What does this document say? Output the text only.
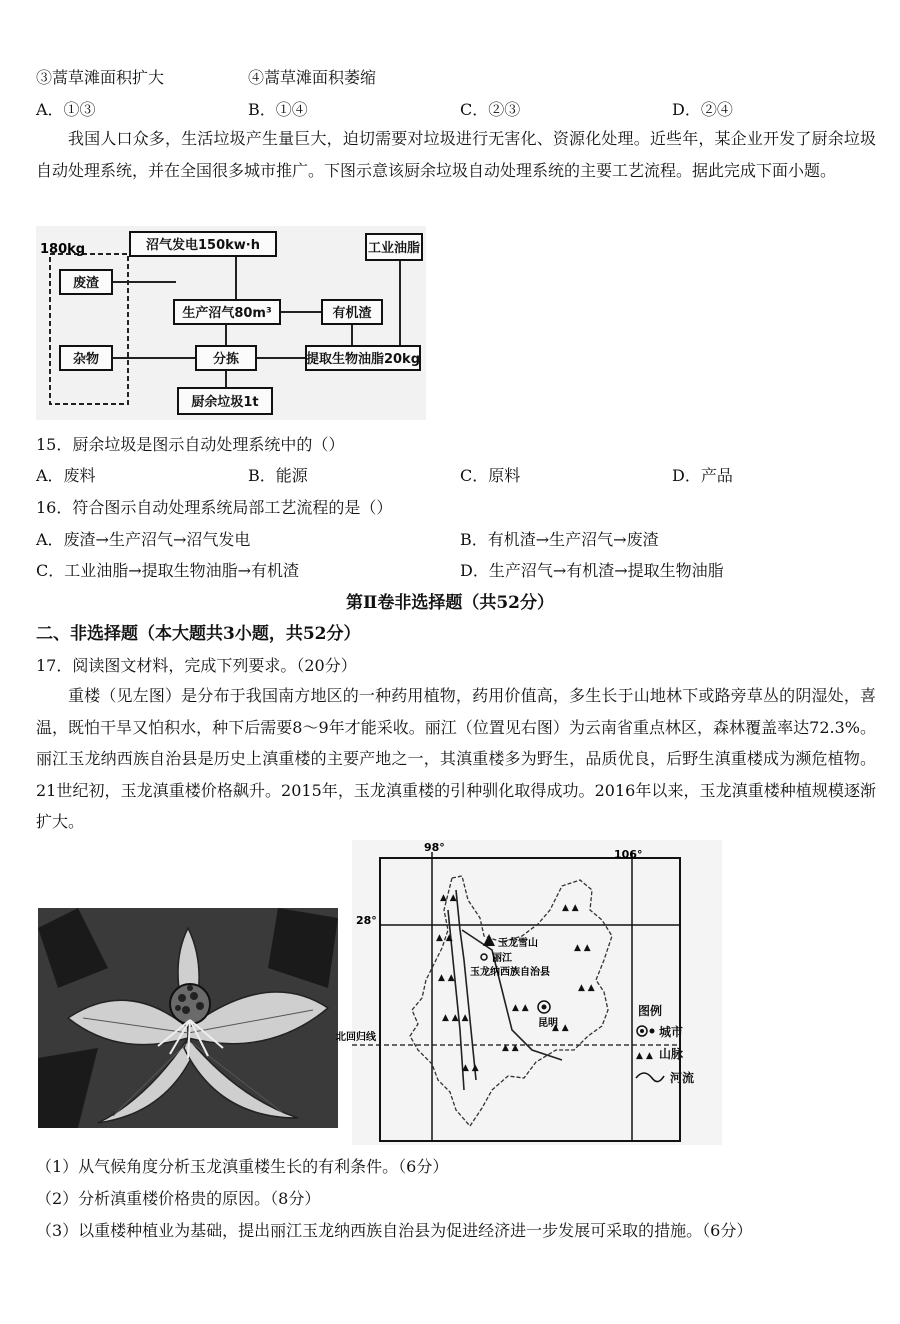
③蒿草滩面积扩大	④蒿草滩面积萎缩
A．①③	B．①④	C．②③	D．②④
我国人口众多，生活垃圾产生量巨大，迫切需要对垃圾进行无害化、资源化处理。近些年，某企业开发了厨余垃圾自动处理系统，并在全国很多城市推广。下图示意该厨余垃圾自动处理系统的主要工艺流程。据此完成下面小题。
180kg
废渣
杂物
沼气发电150kw·h
生产沼气80m³
分拣
厨余垃圾1t
有机渣
工业油脂
提取生物油脂20kg
15．厨余垃圾是图示自动处理系统中的（）
A．废料	B．能源	C．原料	D．产品
16．符合图示自动处理系统局部工艺流程的是（）
A．废渣→生产沼气→沼气发电	B．有机渣→生产沼气→废渣
C．工业油脂→提取生物油脂→有机渣	D．生产沼气→有机渣→提取生物油脂
第Ⅱ卷非选择题（共52分）
二、非选择题（本大题共3小题，共52分）
17．阅读图文材料，完成下列要求。（20分）
重楼（见左图）是分布于我国南方地区的一种药用植物，药用价值高，多生长于山地林下或路旁草丛的阴湿处，喜温，既怕干旱又怕积水，种下后需要8～9年才能采收。丽江（位置见右图）为云南省重点林区，森林覆盖率达72.3%。丽江玉龙纳西族自治县是历史上滇重楼的主要产地之一，其滇重楼多为野生，品质优良，后野生滇重楼成为濒危植物。21世纪初，玉龙滇重楼价格飙升。2015年，玉龙滇重楼的引种驯化取得成功。2016年以来，玉龙滇重楼种植规模逐渐扩大。
98°
106°
28°
北回归线
▲ ▲
▲ ▲
▲ ▲
▲ ▲ ▲
▲ ▲
▲ ▲
▲ ▲
▲ ▲
▲ ▲
▲ ▲
▲ ▲
玉龙雪山
丽江
玉龙纳西族自治县
昆明
图例
城市
▲ ▲ 山脉
河流
（1）从气候角度分析玉龙滇重楼生长的有利条件。（6分）
（2）分析滇重楼价格贵的原因。（8分）
（3）以重楼种植业为基础，提出丽江玉龙纳西族自治县为促进经济进一步发展可采取的措施。（6分）
